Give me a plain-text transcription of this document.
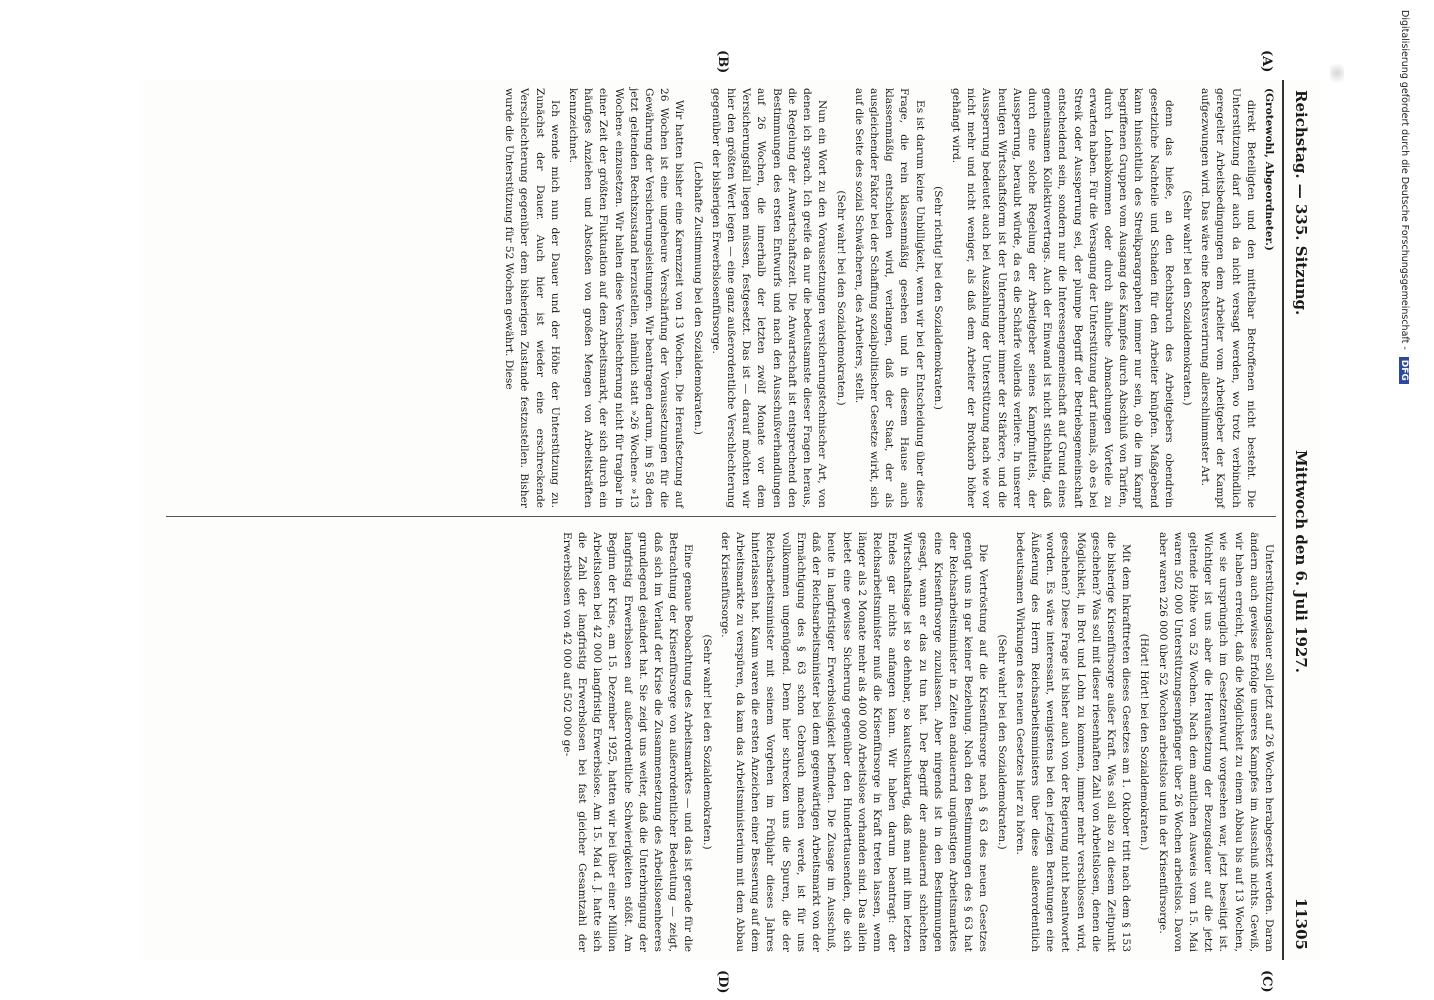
Reichstag. — 335. Sitzung.
Mittwoch den 6. Juli 1927.
11305

(Grotewohl, Abgeordneter.)

direkt Beteiligten und den mittelbar Betroffenen nicht besteht. Die Unterstützung darf auch da nicht versagt werden, wo trotz verbindlich geregelter Arbeitsbedingungen dem Arbeiter vom Arbeitgeber der Kampf aufgezwungen wird. Das wäre eine Rechtsverirrung allerschlimmster Art.

(Sehr wahr! bei den Sozialdemokraten.)

denn das hieße, an den Rechtsbruch des Arbeitgebers obendrein gesetzliche Nachteile und Schaden für den Arbeiter knüpfen. Maßgebend kann hinsichtlich des Streikparagraphen immer nur sein, ob die im Kampf begriffenen Gruppen vom Ausgang des Kampfes durch Abschluß von Tarifen, durch Lohnabkommen oder durch ähnliche Abmachungen Vorteile zu erwarten haben. Für die Versagung der Unterstützung darf niemals, ob es bei Streik oder Aussperrung sei, der plumpe Begriff der Betriebsgemeinschaft entscheidend sein, sondern nur die Interessengemeinschaft auf Grund eines gemeinsamen Kollektivvertrags. Auch der Einwand ist nicht stichhaltig, daß durch eine solche Regelung der Arbeitgeber seines Kampfmittels, der Aussperrung, beraubt würde, da es die Schärfe vollends verliere. In unserer heutigen Wirtschaftsform ist der Unternehmer immer der Stärkere, und die Aussperrung bedeutet auch bei Auszahlung der Unterstützung nach wie vor nicht mehr und nicht weniger, als daß dem Arbeiter der Brotkorb höher gehängt wird.

(Sehr richtig! bei den Sozialdemokraten.)

Es ist darum keine Unbilligkeit, wenn wir bei der Entscheidung über diese Frage, die rein klassenmäßig gesehen und in diesem Hause auch klassenmäßig entschieden wird, verlangen, daß der Staat, der als ausgleichender Faktor bei der Schaffung sozialpolitischer Gesetze wirkt, sich auf die Seite des sozial Schwächeren, des Arbeiters, stellt.

(Sehr wahr! bei den Sozialdemokraten.)

Nun ein Wort zu den Voraussetzungen versicherungstechnischer Art, von denen ich sprach. Ich greife da nur die bedeutsamste dieser Fragen heraus, die Regelung der Anwartschaftszeit. Die Anwartschaft ist entsprechend den Bestimmungen des ersten Entwurfs und nach den Ausschußverhandlungen auf 26 Wochen, die innerhalb der letzten zwölf Monate vor dem Versicherungsfall liegen müssen, festgesetzt. Das ist — darauf möchten wir hier den größten Wert legen — eine ganz außerordentliche Verschlechterung gegenüber der bisherigen Erwerbslosenfürsorge.

(Lebhafte Zustimmung bei den Sozialdemokraten.)

Wir hatten bisher eine Karenzzeit von 13 Wochen. Die Heraufsetzung auf 26 Wochen ist eine ungeheure Verschärfung der Voraussetzungen für die Gewährung der Versicherungsleistungen. Wir beantragen darum, im § 58 den jetzt geltenden Rechtszustand herzustellen, nämlich statt »26 Wochen« »13 Wochen« einzusetzen. Wir halten diese Verschlechterung nicht für tragbar in einer Zeit der größten Fluktuation auf dem Arbeitsmarkt, der sich durch ein häufiges Anziehen und Abstoßen von großen Mengen von Arbeitskräften kennzeichnet.

Ich wende mich nun der Dauer und der Höhe der Unterstützung zu. Zunächst der Dauer. Auch hier ist wieder eine erschreckende Verschlechterung gegenüber dem bisherigen Zustande festzustellen. Bisher wurde die Unterstützung für 52 Wochen gewährt. Diese

Unterstützungsdauer soll jetzt auf 26 Wochen herabgesetzt werden. Daran ändern auch gewisse Erfolge unseres Kampfes im Ausschuß nichts. Gewiß, wir haben erreicht, daß die Möglichkeit zu einem Abbau bis auf 13 Wochen, wie sie ursprünglich im Gesetzentwurf vorgesehen war, jetzt beseitigt ist. Wichtiger ist uns aber die Heraufsetzung der Bezugsdauer auf die jetzt geltende Höhe von 52 Wochen. Nach dem amtlichen Ausweis vom 15. Mai waren 502 000 Unterstützungsempfänger über 26 Wochen arbeitslos. Davon aber waren 226 000 über 52 Wochen arbeitslos und in der Krisenfürsorge.

(Hört! Hört! bei den Sozialdemokraten.)

Mit dem Inkrafttreten dieses Gesetzes am 1. Oktober tritt nach dem § 153 die bisherige Krisenfürsorge außer Kraft. Was soll also zu diesem Zeitpunkt geschehen? Was soll mit dieser riesenhaften Zahl von Arbeitslosen, denen die Möglichkeit, in Brot und Lohn zu kommen, immer mehr verschlossen wird, geschehen? Diese Frage ist bisher auch von der Regierung nicht beantwortet worden. Es wäre interessant, wenigstens bei den jetzigen Beratungen eine Äußerung des Herrn Reichsarbeitsministers über diese außerordentlich bedeutsamen Wirkungen des neuen Gesetzes hier zu hören.

(Sehr wahr! bei den Sozialdemokraten.)

Die Vertröstung auf die Krisenfürsorge nach § 63 des neuen Gesetzes genügt uns in gar keiner Beziehung. Nach den Bestimmungen des § 63 hat der Reichsarbeitsminister in Zeiten andauernd ungünstigen Arbeitsmarktes eine Krisenfürsorge zuzulassen. Aber nirgends ist in den Bestimmungen gesagt, wann er das zu tun hat. Der Begriff der andauernd schlechten Wirtschaftslage ist so dehnbar, so kautschukartig, daß man mit ihm letzten Endes gar nichts anfangen kann. Wir haben darum beantragt: der Reichsarbeitsminister muß die Krisenfürsorge in Kraft treten lassen, wenn länger als 2 Monate mehr als 400 000 Arbeitslose vorhanden sind. Das allein bietet eine gewisse Sicherung gegenüber den Hunderttausenden, die sich heute in langfristiger Erwerbslosigkeit befinden. Die Zusage im Ausschuß, daß der Reichsarbeitsminister bei dem gegenwärtigen Arbeitsmarkt von der Ermächtigung des § 63 schon Gebrauch machen werde, ist für uns vollkommen ungenügend. Denn hier schrecken uns die Spuren, die der Reichsarbeitsminister mit seinem Vorgehen im Frühjahr dieses Jahres hinterlassen hat. Kaum waren die ersten Anzeichen einer Besserung auf dem Arbeitsmarkte zu verspüren, da kam das Arbeitsministerium mit dem Abbau der Krisenfürsorge.

(Sehr wahr! bei den Sozialdemokraten.)

Eine genaue Beobachtung des Arbeitsmarktes — und das ist gerade für die Betrachtung der Krisenfürsorge von außerordentlicher Bedeutung — zeigt, daß sich im Verlauf der Krise die Zusammensetzung des Arbeitslosenheeres grundlegend geändert hat. Sie zeigt uns weiter, daß die Unterbringung der langfristig Erwerbslosen auf außerordentliche Schwierigkeiten stößt. Am Beginn der Krise, am 15. Dezember 1925, hatten wir bei über einer Million Arbeitslosen bei 42 000 langfristig Erwerbslose. Am 15. Mai d. J. hatte sich die Zahl der langfristig Erwerbslosen bei fast gleicher Gesamtzahl der Erwerbslosen von 42 000 auf 502 000 ge-

(A)
(B)
(C)
(D)
Digitalisierung gefördert durch die Deutsche Forschungsgemeinschaft - DFG
